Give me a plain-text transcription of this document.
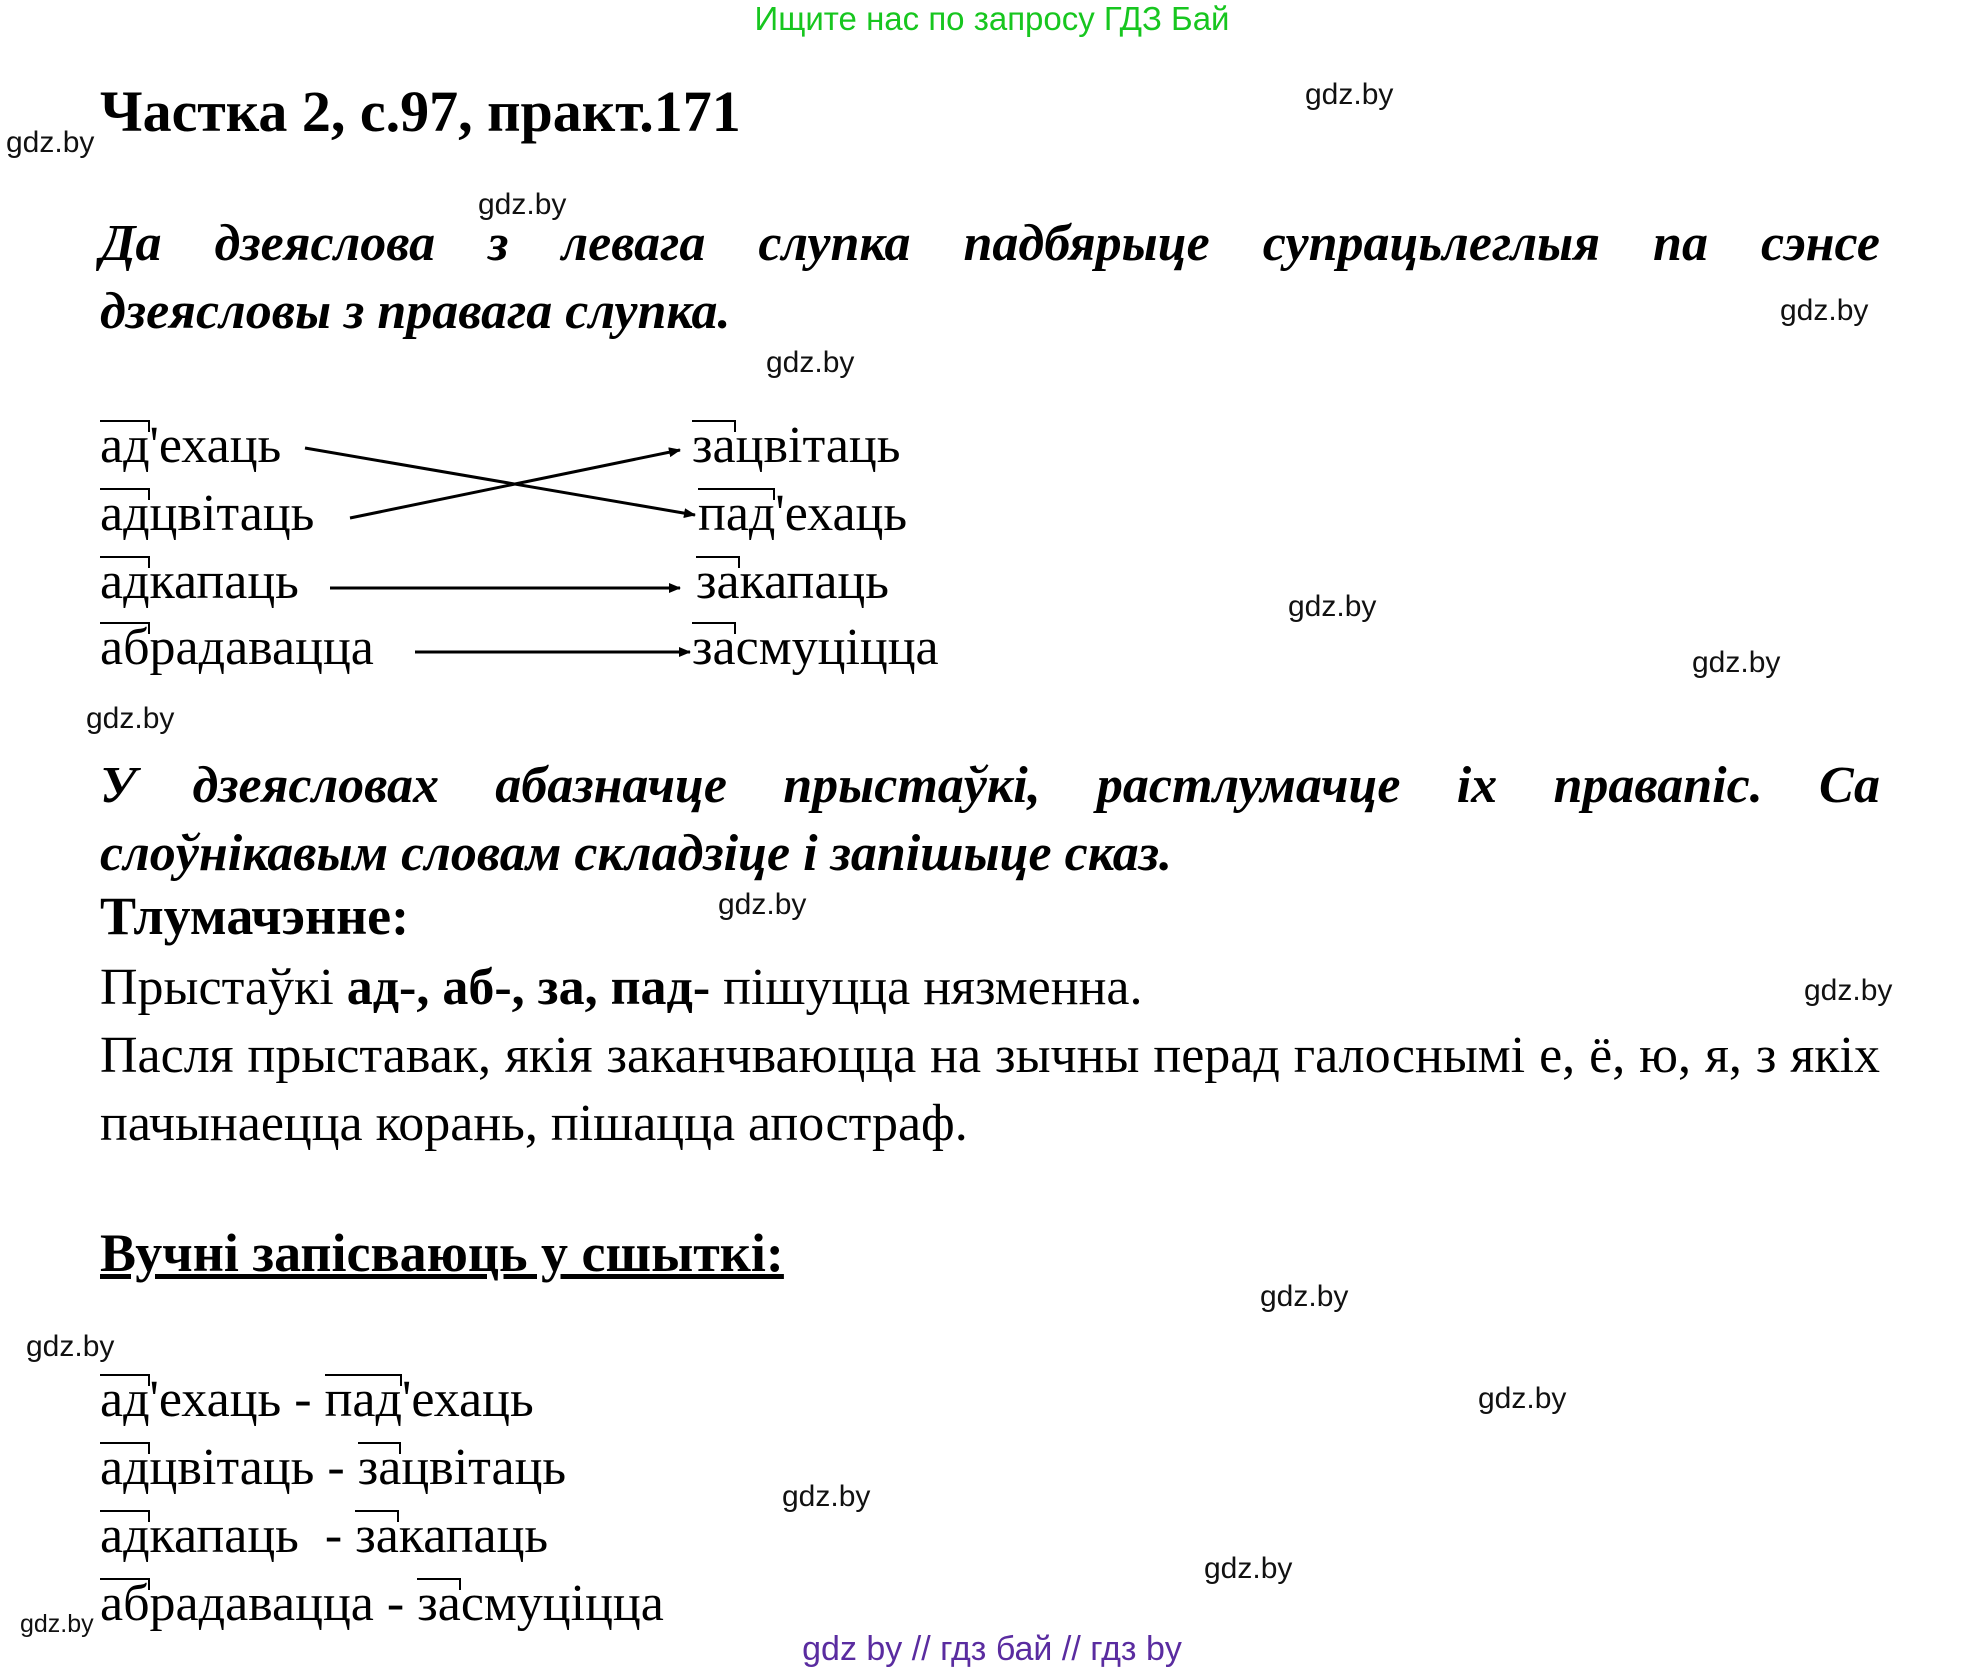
Ищите нас по запросу ГДЗ Бай
gdz.by
gdz.by
gdz.by
gdz.by
gdz.by
gdz.by
gdz.by
gdz.by
gdz.by
gdz.by
gdz.by
gdz.by
gdz.by
gdz.by
gdz.by
gdz.by
Частка 2, с.97, практ.171
Да дзеяслова з левага слупка падбярыце супрацьлеглыя па сэнсе
дзеясловы з правага слупка.
ад'ехаць
адцвітаць
адкапаць
абрадавацца
зацвітаць
пад'ехаць
закапаць
засмуціцца
У дзеясловах абазначце прыстаўкі, растлумачце іх правапіс. Са
слоўнікавым словам складзіце і запішыце сказ.
Тлумачэнне:
Прыстаўкі ад-, аб-, за, пад- пішуцца нязменна.
Пасля прыставак, якія заканчваюцца на зычны перад галоснымі е, ё, ю, я, з якіх пачынаецца корань, пішацца апостраф.
Вучні запісваюць у сшыткі:
ад'ехаць - пад'ехаць
адцвітаць - зацвітаць
адкапаць - закапаць
абрадавацца - засмуціцца
gdz by // гдз бай // гдз by
